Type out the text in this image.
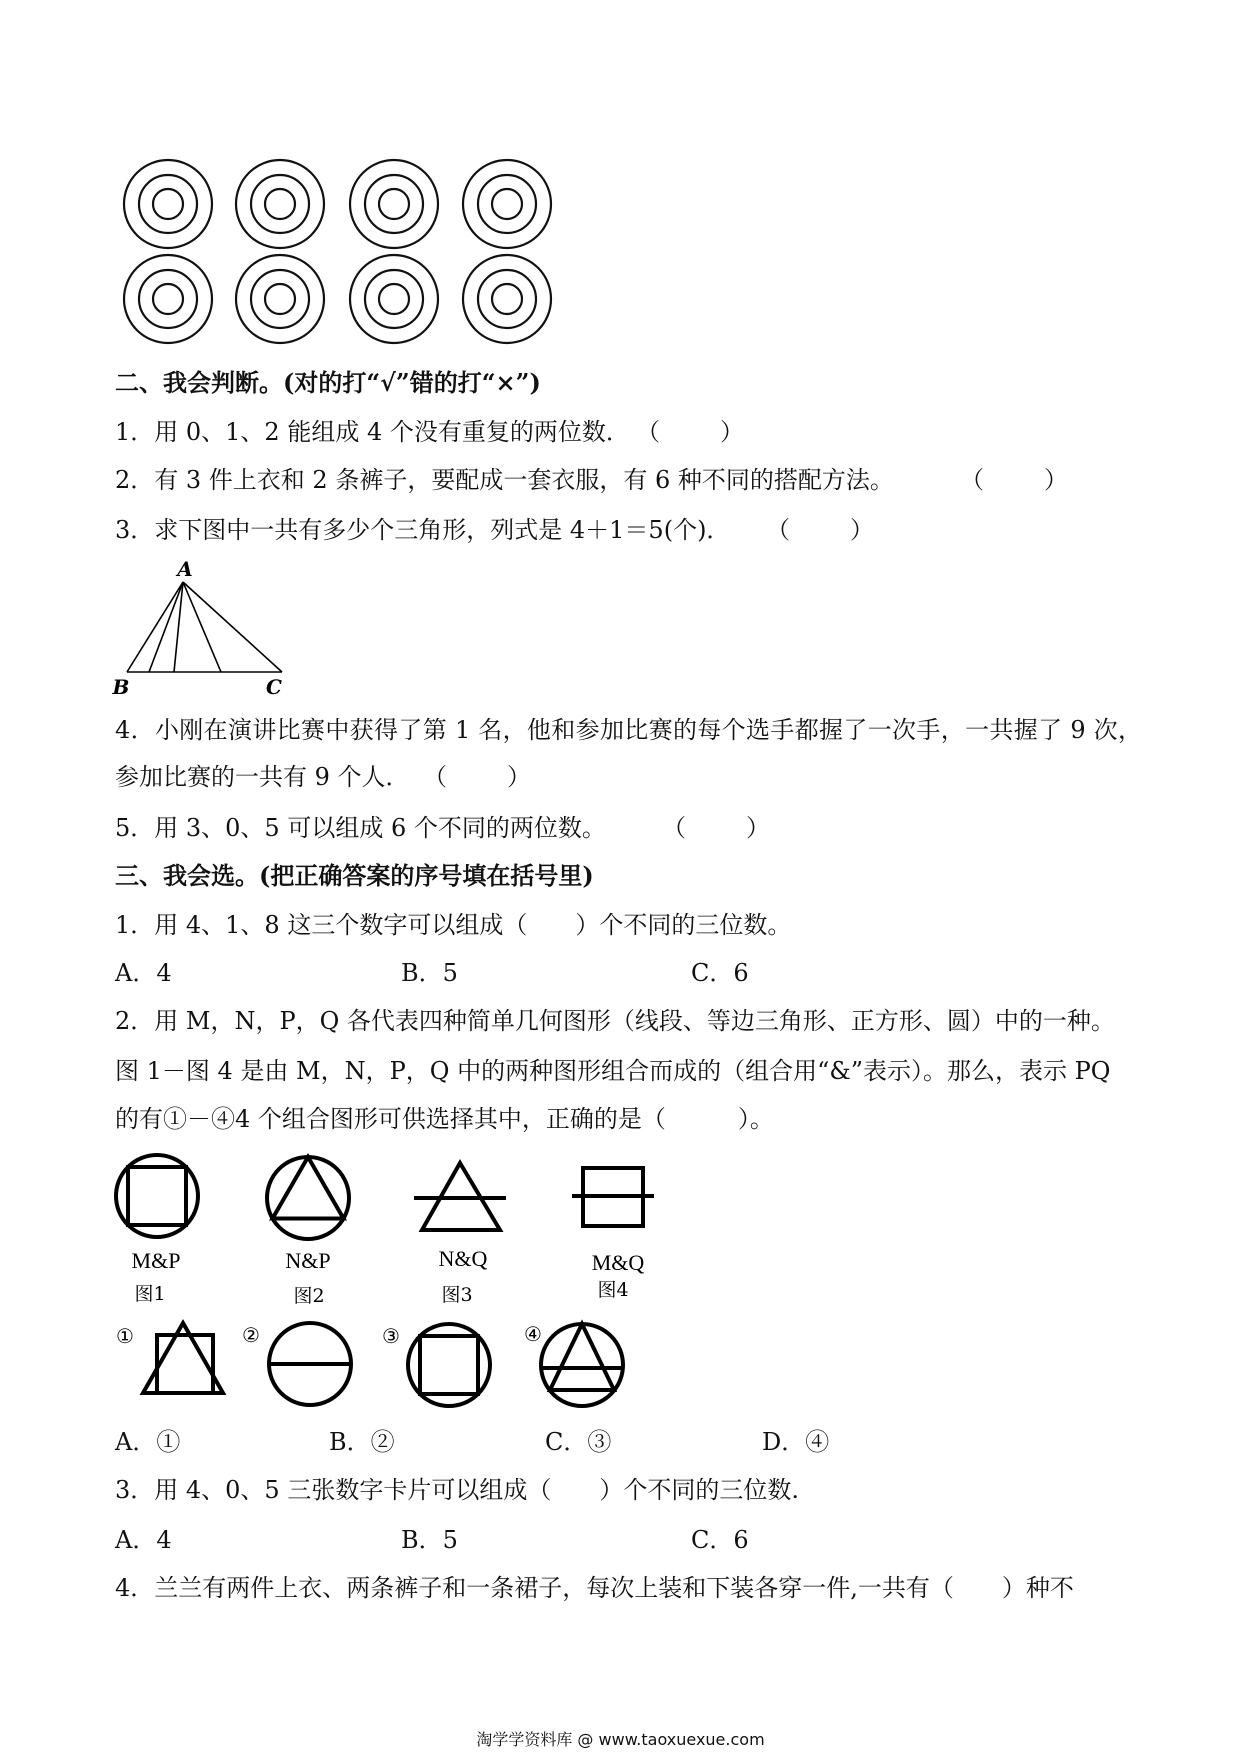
二、我会判断。(对的打“√”错的打“×”)
1．用 0、1、2 能组成 4 个没有重复的两位数． （　　　）
2．有 3 件上衣和 2 条裤子，要配成一套衣服，有 6 种不同的搭配方法。	（　　　）
3．求下图中一共有多少个三角形，列式是 4＋1＝5(个)． （　　　）
A
B	C
4．小刚在演讲比赛中获得了第 1 名，他和参加比赛的每个选手都握了一次手，一共握了 9 次，
参加比赛的一共有 9 个人． （　　　）
5．用 3、0、5 可以组成 6 个不同的两位数。 （　　　）
三、我会选。(把正确答案的序号填在括号里)
1．用 4、1、8 这三个数字可以组成（　　）个不同的三位数。
A．4	B．5	C．6
2．用 M，N，P，Q 各代表四种简单几何图形（线段、等边三角形、正方形、圆）中的一种。
图 1－图 4 是由 M，N，P，Q 中的两种图形组合而成的（组合用“&”表示）。那么，表示 PQ
的有①－④4 个组合图形可供选择其中，正确的是（　　　）。
M&P
图1
N&P
图2
N&Q
图3
M&Q
图4
①	②	③	④
A．①	B．②	C．③	D．④
3．用 4、0、5 三张数字卡片可以组成（　　）个不同的三位数.
A．4	B．5	C．6
4．兰兰有两件上衣、两条裤子和一条裙子，每次上装和下装各穿一件,一共有（　　）种不
淘学学资料库 @ www.taoxuexue.com
